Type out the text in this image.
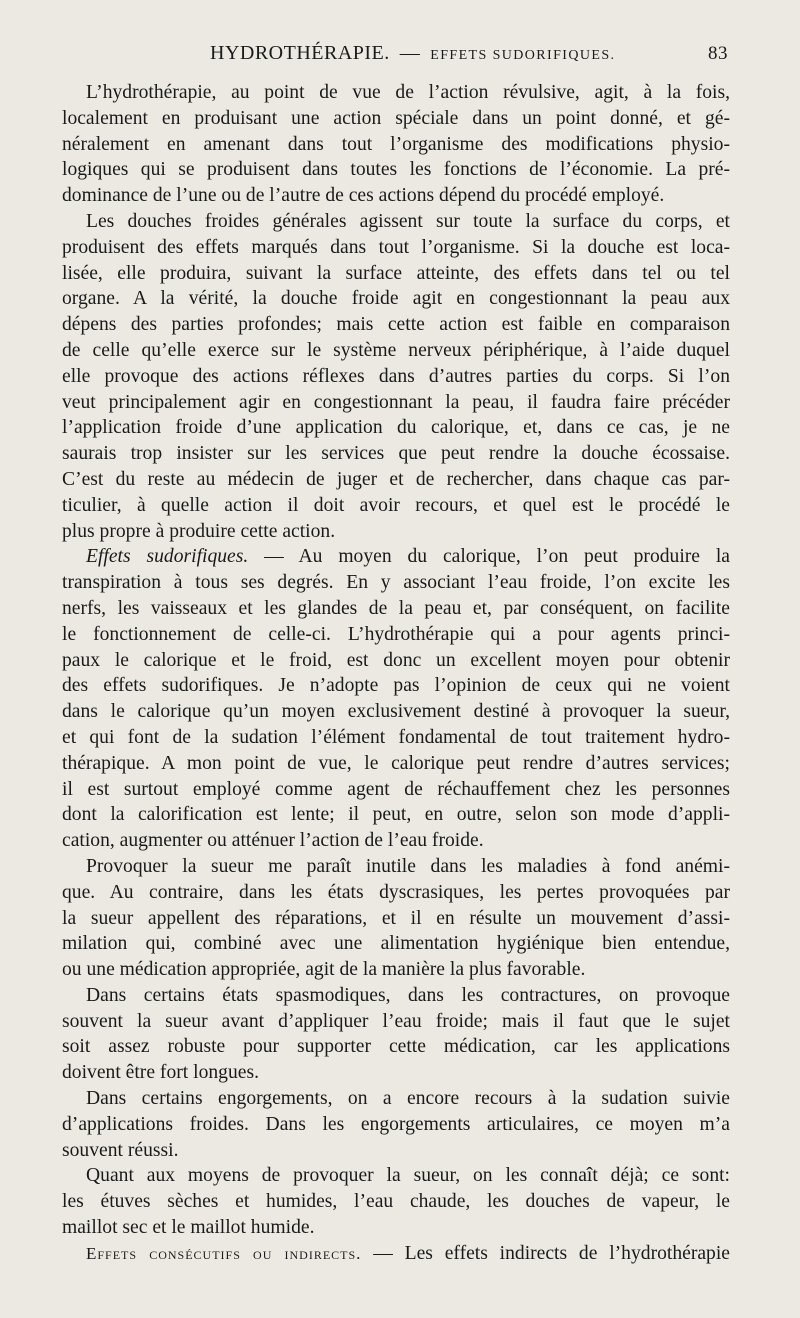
HYDROTHÉRAPIE. — EFFETS SUDORIFIQUES.	83
L’hydrothérapie, au point de vue de l’action révulsive, agit, à la fois,
localement en produisant une action spéciale dans un point donné, et gé-
néralement en amenant dans tout l’organisme des modifications physio-
logiques qui se produisent dans toutes les fonctions de l’économie. La pré-
dominance de l’une ou de l’autre de ces actions dépend du procédé employé.
Les douches froides générales agissent sur toute la surface du corps, et
produisent des effets marqués dans tout l’organisme. Si la douche est loca-
lisée, elle produira, suivant la surface atteinte, des effets dans tel ou tel
organe. A la vérité, la douche froide agit en congestionnant la peau aux
dépens des parties profondes; mais cette action est faible en comparaison
de celle qu’elle exerce sur le système nerveux périphérique, à l’aide duquel
elle provoque des actions réflexes dans d’autres parties du corps. Si l’on
veut principalement agir en congestionnant la peau, il faudra faire précéder
l’application froide d’une application du calorique, et, dans ce cas, je ne
saurais trop insister sur les services que peut rendre la douche écossaise.
C’est du reste au médecin de juger et de rechercher, dans chaque cas par-
ticulier, à quelle action il doit avoir recours, et quel est le procédé le
plus propre à produire cette action.
Effets sudorifiques. — Au moyen du calorique, l’on peut produire la
transpiration à tous ses degrés. En y associant l’eau froide, l’on excite les
nerfs, les vaisseaux et les glandes de la peau et, par conséquent, on facilite
le fonctionnement de celle-ci. L’hydrothérapie qui a pour agents princi-
paux le calorique et le froid, est donc un excellent moyen pour obtenir
des effets sudorifiques. Je n’adopte pas l’opinion de ceux qui ne voient
dans le calorique qu’un moyen exclusivement destiné à provoquer la sueur,
et qui font de la sudation l’élément fondamental de tout traitement hydro-
thérapique. A mon point de vue, le calorique peut rendre d’autres services;
il est surtout employé comme agent de réchauffement chez les personnes
dont la calorification est lente; il peut, en outre, selon son mode d’appli-
cation, augmenter ou atténuer l’action de l’eau froide.
Provoquer la sueur me paraît inutile dans les maladies à fond anémi-
que. Au contraire, dans les états dyscrasiques, les pertes provoquées par
la sueur appellent des réparations, et il en résulte un mouvement d’assi-
milation qui, combiné avec une alimentation hygiénique bien entendue,
ou une médication appropriée, agit de la manière la plus favorable.
Dans certains états spasmodiques, dans les contractures, on provoque
souvent la sueur avant d’appliquer l’eau froide; mais il faut que le sujet
soit assez robuste pour supporter cette médication, car les applications
doivent être fort longues.
Dans certains engorgements, on a encore recours à la sudation suivie
d’applications froides. Dans les engorgements articulaires, ce moyen m’a
souvent réussi.
Quant aux moyens de provoquer la sueur, on les connaît déjà; ce sont:
les étuves sèches et humides, l’eau chaude, les douches de vapeur, le
maillot sec et le maillot humide.
Effets consécutifs ou indirects. — Les effets indirects de l’hydrothérapie
